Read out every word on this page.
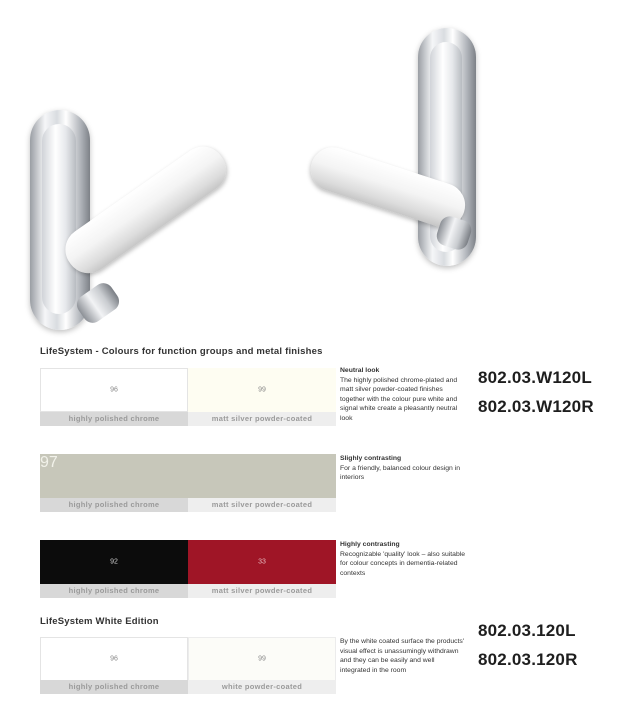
LifeSystem - Colours for function groups and metal finishes
96	99
highly polished chrome	matt silver powder-coated
Neutral look
The highly polished chrome-plated and matt silver powder-coated finishes together with the colour pure white and signal white create a pleasantly neutral look
97
highly polished chrome	matt silver powder-coated
Slighly contrasting
For a friendly, balanced colour design in interiors
92	33
highly polished chrome	matt silver powder-coated
Highly contrasting
Recognizable 'quality' look – also suitable for colour concepts in dementia-related contexts
LifeSystem White Edition
96	99
highly polished chrome	white powder-coated
By the white coated surface the products' visual effect is unassumingly withdrawn and they can be easily and well integrated in the room
802.03.W120L
802.03.W120R
802.03.120L
802.03.120R
